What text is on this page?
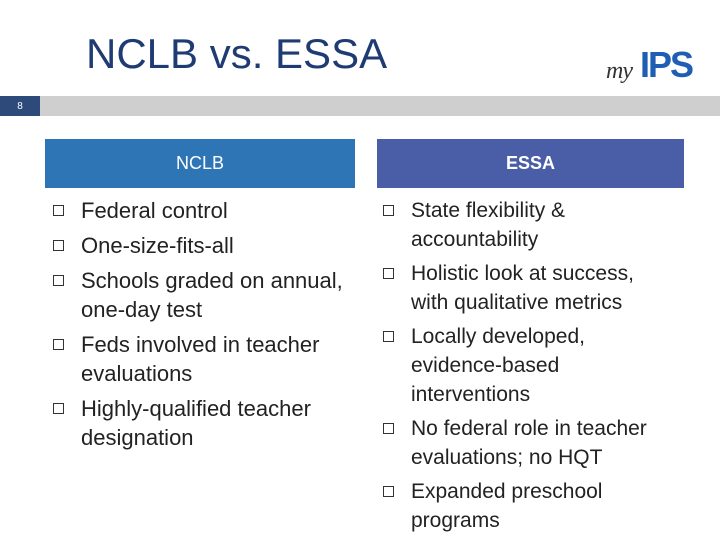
NCLB vs. ESSA	my IPS
8
NCLB	ESSA
Federal control
One-size-fits-all
Schools graded on annual, one-day test
Feds involved in teacher evaluations
Highly-qualified teacher designation
State flexibility & accountability
Holistic look at success, with qualitative metrics
Locally developed, evidence-based interventions
No federal role in teacher evaluations; no HQT
Expanded preschool programs
